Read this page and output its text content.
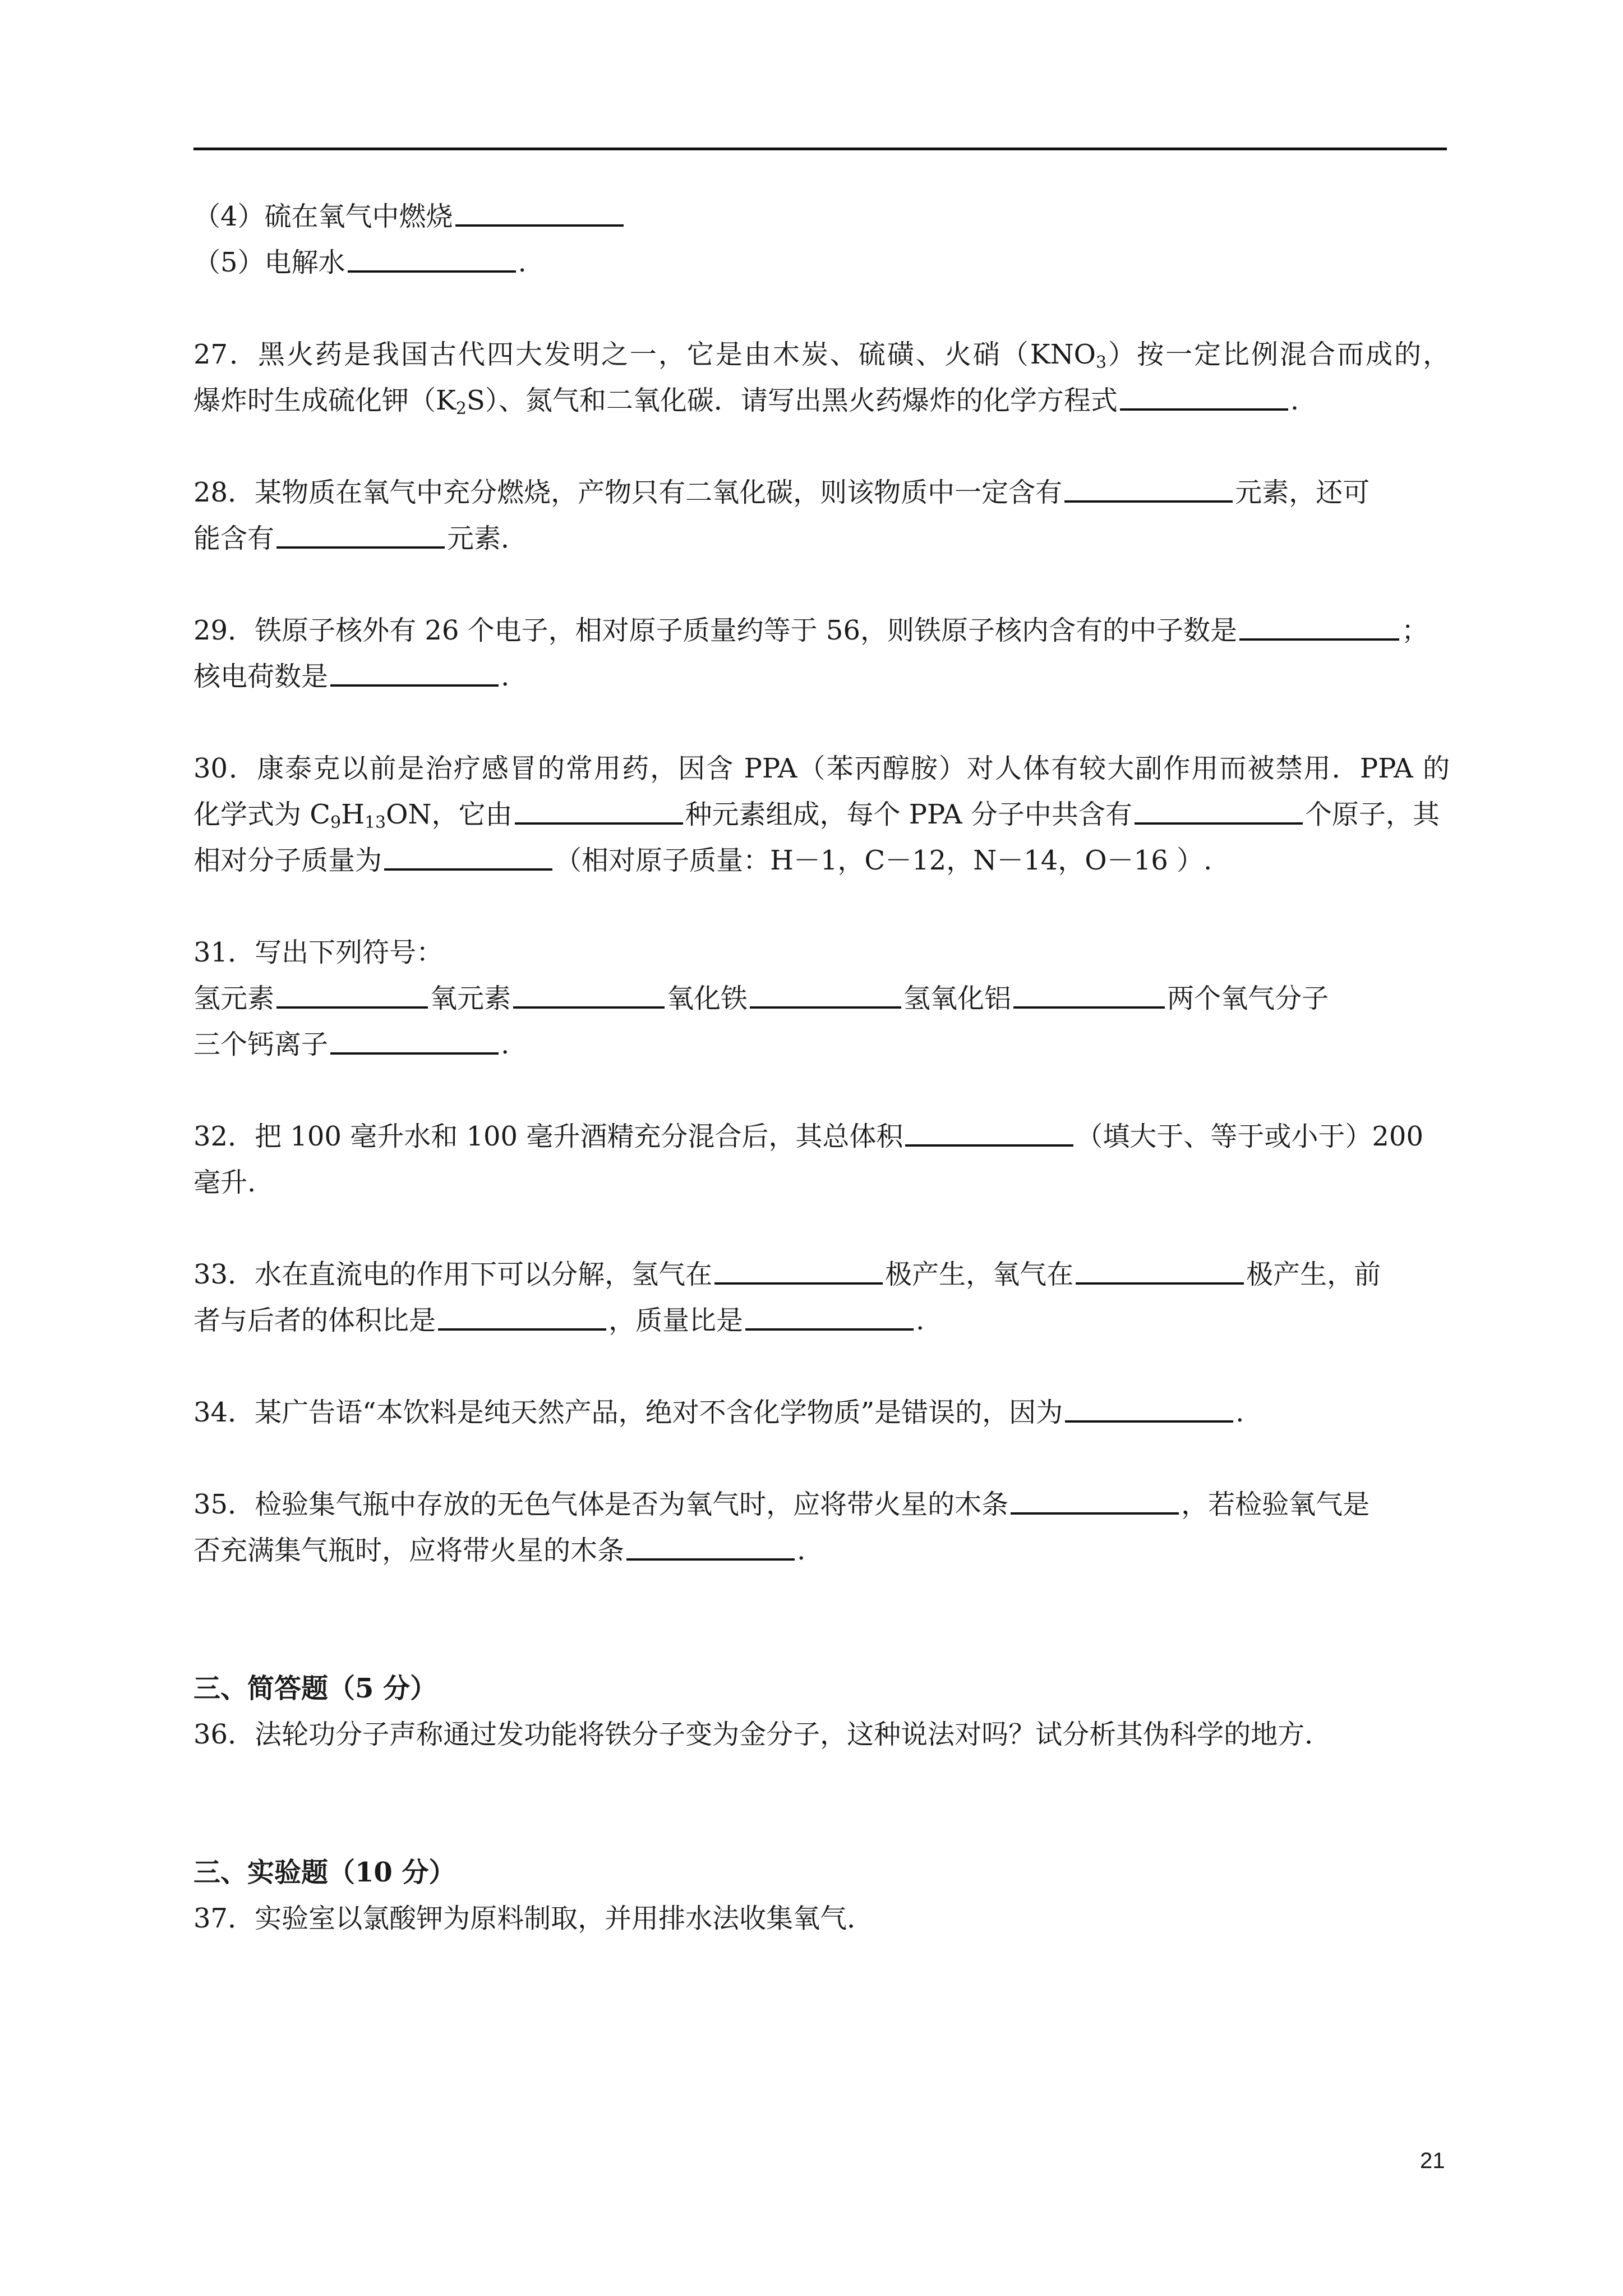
（4）硫在氧气中燃烧

（5）电解水	.

27．黑火药是我国古代四大发明之一，它是由木炭、硫磺、火硝$(KNO_3)$按一定比例混合而成的，

爆炸时生成硫化钾$(K_2S)$、氮气和二氧化碳．请写出黑火药爆炸的化学方程式	.

28．某物质在氧气中充分燃烧，产物只有二氧化碳，则该物质中一定含有	元素，还可

能含有	元素．

29．铁原子核外有 26 个电子，相对原子质量约等于 56，则铁原子核内含有的中子数是	；

核电荷数是	.

30．康泰克以前是治疗感冒的常用药，因含 PPA（苯丙醇胺）对人体有较大副作用而被禁用．PPA 的

化学式为 $C_9H_{13}ON$，它由	种元素组成，每个 PPA 分子中共含有	个原子，其

相对分子质量为	（相对原子质量：H－1，C－12，N－14，O－16 ）.

31．写出下列符号：

氢元素	氧元素	氧化铁	氢氧化铝	两个氧气分子

三个钙离子	.

32．把 100 毫升水和 100 毫升酒精充分混合后，其总体积	（填大于、等于或小于）200

毫升.

33．水在直流电的作用下可以分解，氢气在	极产生，氧气在	极产生，前

者与后者的体积比是	，质量比是	.

34．某广告语“本饮料是纯天然产品，绝对不含化学物质”是错误的，因为	.

35．检验集气瓶中存放的无色气体是否为氧气时，应将带火星的木条	，若检验氧气是

否充满集气瓶时，应将带火星的木条	.

三、简答题（5 分）

36．法轮功分子声称通过发功能将铁分子变为金分子，这种说法对吗？试分析其伪科学的地方．

三、实验题（10 分）

37．实验室以氯酸钾为原料制取，并用排水法收集氧气．

21
